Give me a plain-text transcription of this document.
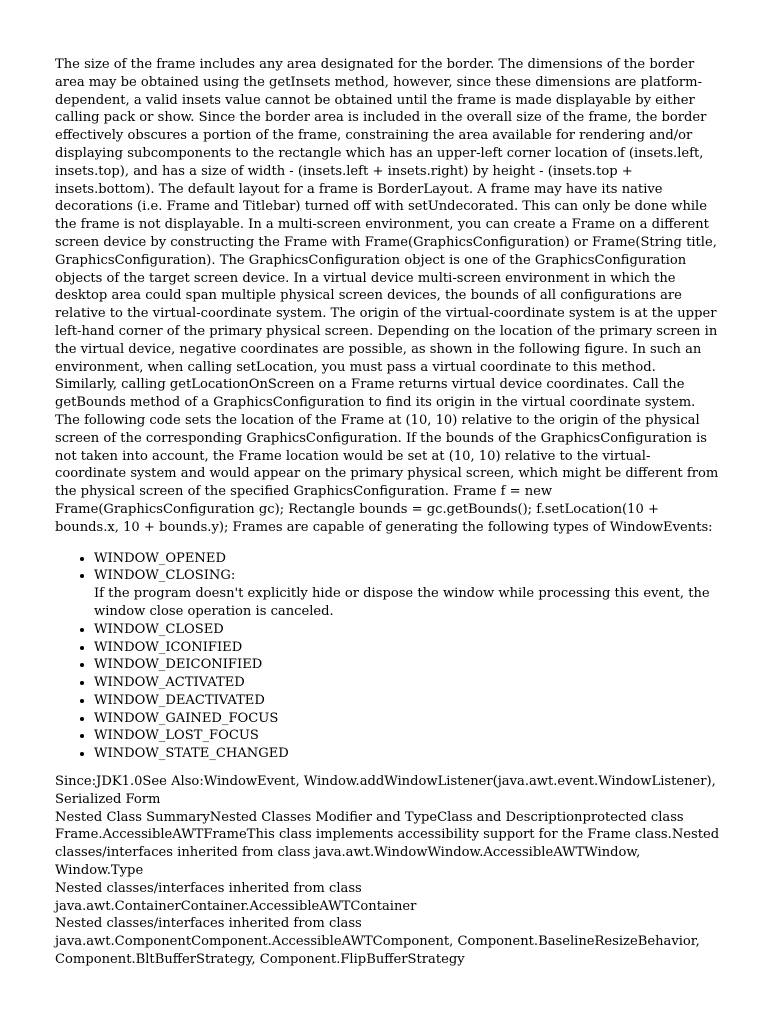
The size of the frame includes any area designated for the border. The dimensions of the border area may be obtained using the getInsets method, however, since these dimensions are platform-dependent, a valid insets value cannot be obtained until the frame is made displayable by either calling pack or show. Since the border area is included in the overall size of the frame, the border effectively obscures a portion of the frame, constraining the area available for rendering and/or displaying subcomponents to the rectangle which has an upper-left corner location of (insets.left, insets.top), and has a size of width - (insets.left + insets.right) by height - (insets.top + insets.bottom). The default layout for a frame is BorderLayout. A frame may have its native decorations (i.e. Frame and Titlebar) turned off with setUndecorated. This can only be done while the frame is not displayable. In a multi-screen environment, you can create a Frame on a different screen device by constructing the Frame with Frame(GraphicsConfiguration) or Frame(String title, GraphicsConfiguration). The GraphicsConfiguration object is one of the GraphicsConfiguration objects of the target screen device. In a virtual device multi-screen environment in which the desktop area could span multiple physical screen devices, the bounds of all configurations are relative to the virtual-coordinate system. The origin of the virtual-coordinate system is at the upper left-hand corner of the primary physical screen. Depending on the location of the primary screen in the virtual device, negative coordinates are possible, as shown in the following figure. In such an environment, when calling setLocation, you must pass a virtual coordinate to this method. Similarly, calling getLocationOnScreen on a Frame returns virtual device coordinates. Call the getBounds method of a GraphicsConfiguration to find its origin in the virtual coordinate system. The following code sets the location of the Frame at (10, 10) relative to the origin of the physical screen of the corresponding GraphicsConfiguration. If the bounds of the GraphicsConfiguration is not taken into account, the Frame location would be set at (10, 10) relative to the virtual-coordinate system and would appear on the primary physical screen, which might be different from the physical screen of the specified GraphicsConfiguration. Frame f = new Frame(GraphicsConfiguration gc); Rectangle bounds = gc.getBounds(); f.setLocation(10 + bounds.x, 10 + bounds.y); Frames are capable of generating the following types of WindowEvents:

• WINDOW_OPENED
• WINDOW_CLOSING:
If the program doesn't explicitly hide or dispose the window while processing this event, the window close operation is canceled.
• WINDOW_CLOSED
• WINDOW_ICONIFIED
• WINDOW_DEICONIFIED
• WINDOW_ACTIVATED
• WINDOW_DEACTIVATED
• WINDOW_GAINED_FOCUS
• WINDOW_LOST_FOCUS
• WINDOW_STATE_CHANGED

Since:JDK1.0See Also:WindowEvent, Window.addWindowListener(java.awt.event.WindowListener), Serialized Form

Nested Class SummaryNested Classes Modifier and TypeClass and Descriptionprotected class Frame.AccessibleAWTFrameThis class implements accessibility support for the Frame class.Nested classes/interfaces inherited from class java.awt.WindowWindow.AccessibleAWTWindow, Window.Type

Nested classes/interfaces inherited from class java.awt.ContainerContainer.AccessibleAWTContainer

Nested classes/interfaces inherited from class java.awt.ComponentComponent.AccessibleAWTComponent, Component.BaselineResizeBehavior, Component.BltBufferStrategy, Component.FlipBufferStrategy
